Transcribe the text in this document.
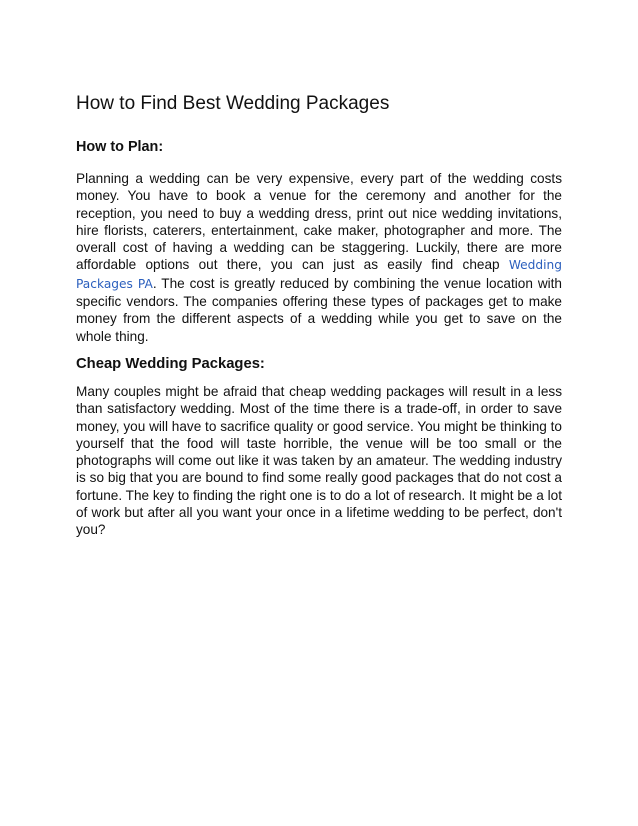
How to Find Best Wedding Packages
How to Plan:

Planning a wedding can be very expensive, every part of the wedding costs money. You have to book a venue for the ceremony and another for the reception, you need to buy a wedding dress, print out nice wedding invitations, hire florists, caterers, entertainment, cake maker, photographer and more. The overall cost of having a wedding can be staggering. Luckily, there are more affordable options out there, you can just as easily find cheap Wedding Packages PA. The cost is greatly reduced by combining the venue location with specific vendors. The companies offering these types of packages get to make money from the different aspects of a wedding while you get to save on the whole thing.

Cheap Wedding Packages:

Many couples might be afraid that cheap wedding packages will result in a less than satisfactory wedding. Most of the time there is a trade-off, in order to save money, you will have to sacrifice quality or good service. You might be thinking to yourself that the food will taste horrible, the venue will be too small or the photographs will come out like it was taken by an amateur. The wedding industry is so big that you are bound to find some really good packages that do not cost a fortune. The key to finding the right one is to do a lot of research. It might be a lot of work but after all you want your once in a lifetime wedding to be perfect, don't you?
